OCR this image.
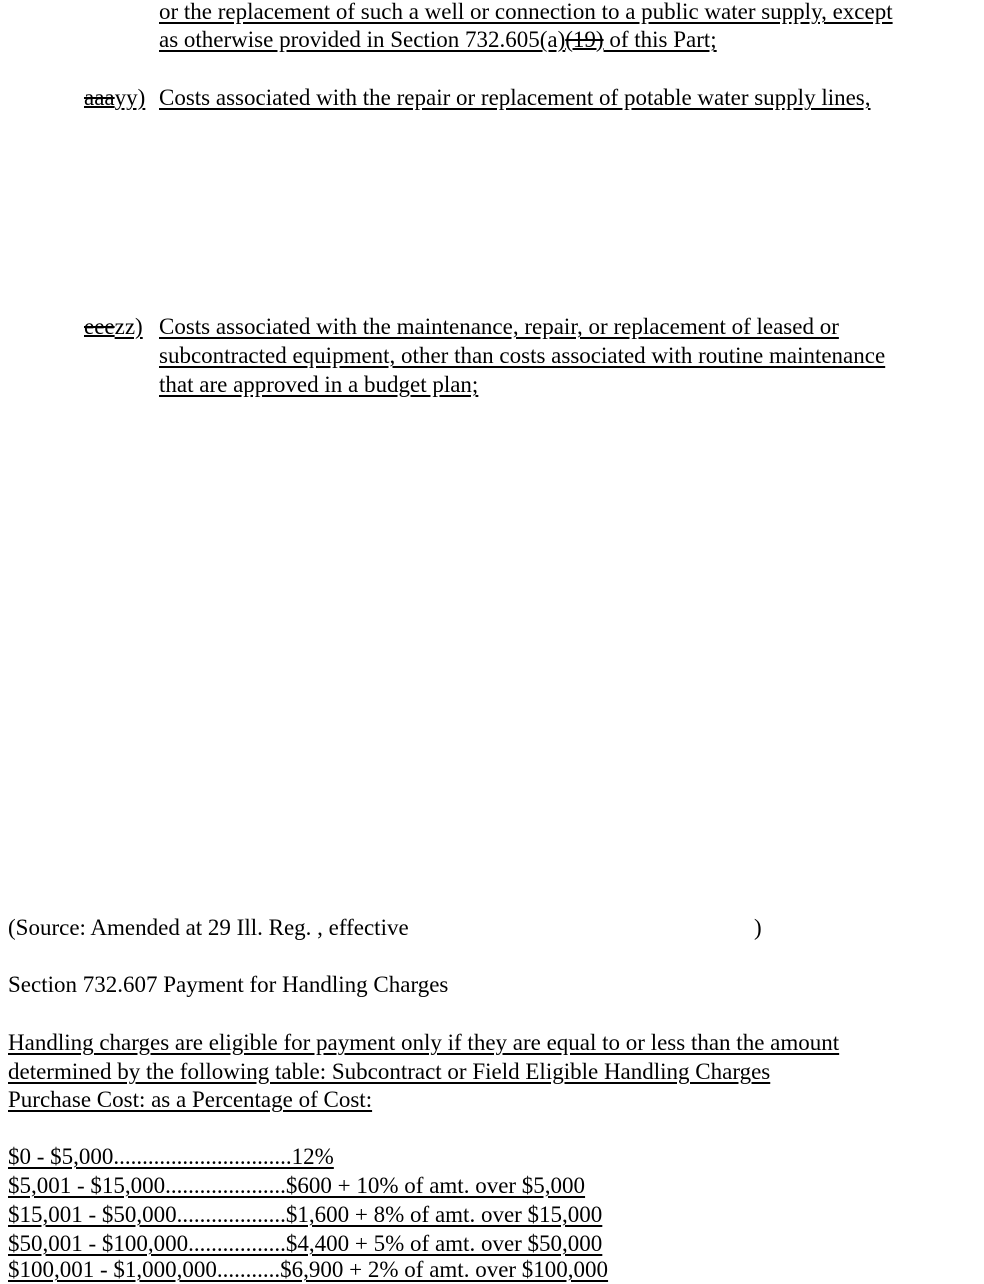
or the replacement of such a well or connection to a public water supply, except
as otherwise provided in Section 732.605(a)(19) of this Part;
aaayy) Costs associated with the repair or replacement of potable water supply lines,
eeezz) Costs associated with the maintenance, repair, or replacement of leased or
subcontracted equipment, other than costs associated with routine maintenance
that are approved in a budget plan;
(Source: Amended at 29 Ill. Reg. , effective	)
Section 732.607 Payment for Handling Charges
Handling charges are eligible for payment only if they are equal to or less than the amount
determined by the following table: Subcontract or Field Eligible Handling Charges
Purchase Cost: as a Percentage of Cost:
$0 - $5,000...............................12%
$5,001 - $15,000.....................$600 + 10% of amt. over $5,000
$15,001 - $50,000...................$1,600 + 8% of amt. over $15,000
$50,001 - $100,000.................$4,400 + 5% of amt. over $50,000
$100,001 - $1,000,000...........$6,900 + 2% of amt. over $100,000
